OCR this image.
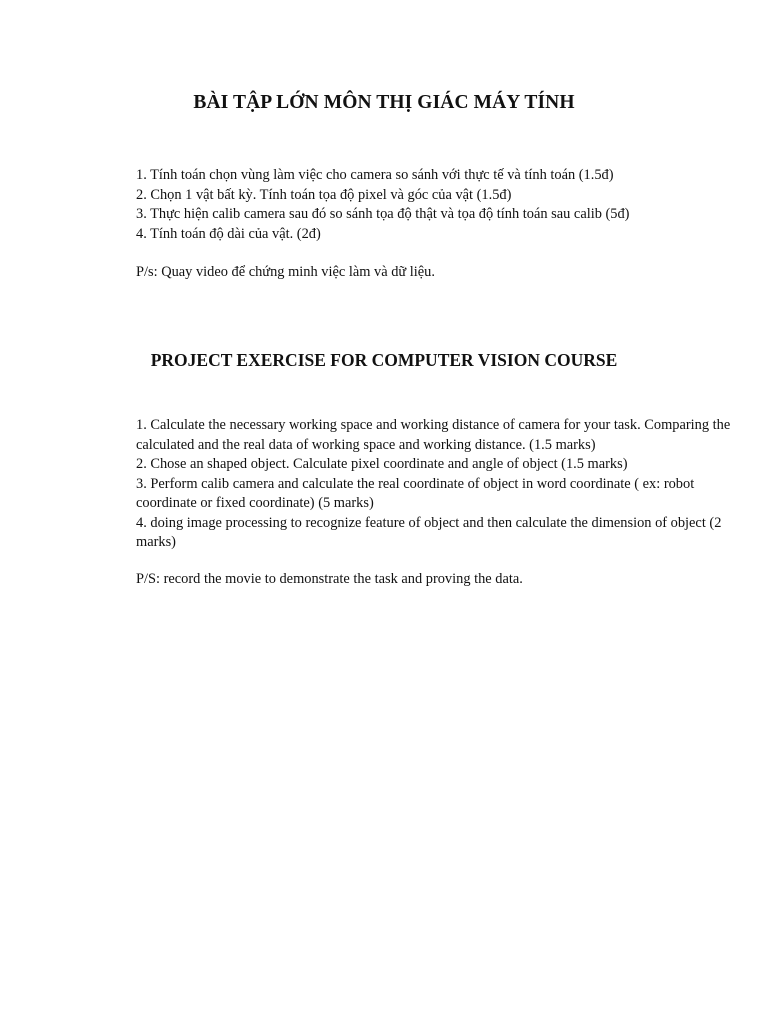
BÀI TẬP LỚN MÔN THỊ GIÁC MÁY TÍNH
1. Tính toán chọn vùng làm việc cho camera so sánh với thực tế và tính toán (1.5đ)
2. Chọn 1 vật bất kỳ. Tính toán tọa độ pixel và góc của vật (1.5đ)
3. Thực hiện calib camera sau đó so sánh tọa độ thật và tọa độ tính toán sau calib (5đ)
4. Tính toán độ dài của vật. (2đ)

P/s: Quay video để chứng minh việc làm và dữ liệu.

PROJECT EXERCISE FOR COMPUTER VISION COURSE
1. Calculate the necessary working space and working distance of camera for your task. Comparing the calculated and the real data of working space and working distance. (1.5 marks)
2. Chose an shaped object. Calculate pixel coordinate and angle of object (1.5 marks)
3. Perform calib camera and calculate the real coordinate of object in word coordinate ( ex: robot coordinate or fixed coordinate) (5 marks)
4. doing image processing to recognize feature of object and then calculate the dimension of object (2 marks)

P/S: record the movie to demonstrate the task and proving the data.
